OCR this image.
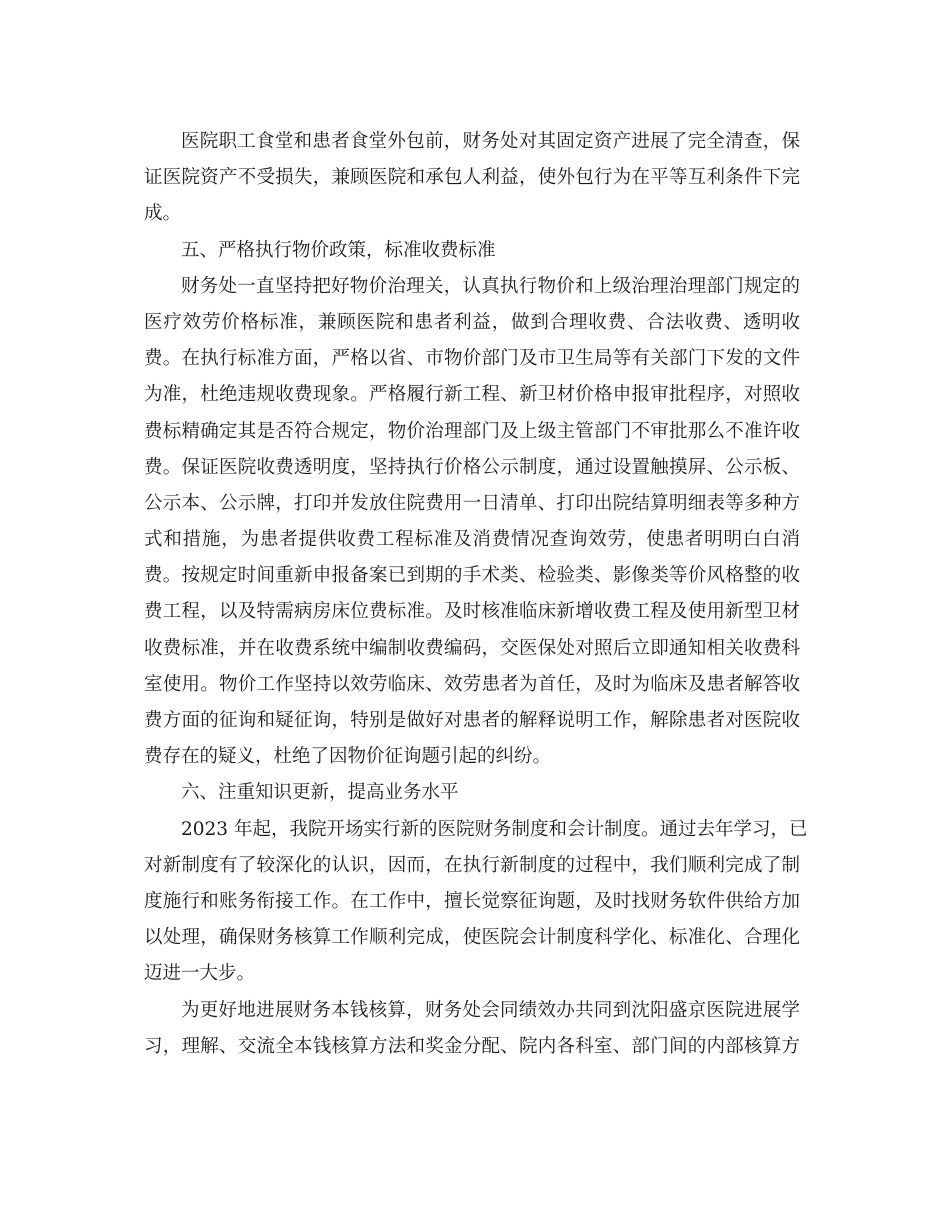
医院职工食堂和患者食堂外包前，财务处对其固定资产进展了完全清查，保
证医院资产不受损失，兼顾医院和承包人利益，使外包行为在平等互利条件下完
成。
五、严格执行物价政策，标准收费标准
财务处一直坚持把好物价治理关，认真执行物价和上级治理治理部门规定的
医疗效劳价格标准，兼顾医院和患者利益，做到合理收费、合法收费、透明收
费。在执行标准方面，严格以省、市物价部门及市卫生局等有关部门下发的文件
为准，杜绝违规收费现象。严格履行新工程、新卫材价格申报审批程序，对照收
费标精确定其是否符合规定，物价治理部门及上级主管部门不审批那么不准许收
费。保证医院收费透明度，坚持执行价格公示制度，通过设置触摸屏、公示板、
公示本、公示牌，打印并发放住院费用一日清单、打印出院结算明细表等多种方
式和措施，为患者提供收费工程标准及消费情况查询效劳，使患者明明白白消
费。按规定时间重新申报备案已到期的手术类、检验类、影像类等价风格整的收
费工程，以及特需病房床位费标准。及时核准临床新增收费工程及使用新型卫材
收费标准，并在收费系统中编制收费编码，交医保处对照后立即通知相关收费科
室使用。物价工作坚持以效劳临床、效劳患者为首任，及时为临床及患者解答收
费方面的征询和疑征询，特别是做好对患者的解释说明工作，解除患者对医院收
费存在的疑义，杜绝了因物价征询题引起的纠纷。
六、注重知识更新，提高业务水平
2023 年起，我院开场实行新的医院财务制度和会计制度。通过去年学习，已
对新制度有了较深化的认识，因而，在执行新制度的过程中，我们顺利完成了制
度施行和账务衔接工作。在工作中，擅长觉察征询题，及时找财务软件供给方加
以处理，确保财务核算工作顺利完成，使医院会计制度科学化、标准化、合理化
迈进一大步。
为更好地进展财务本钱核算，财务处会同绩效办共同到沈阳盛京医院进展学
习，理解、交流全本钱核算方法和奖金分配、院内各科室、部门间的内部核算方
